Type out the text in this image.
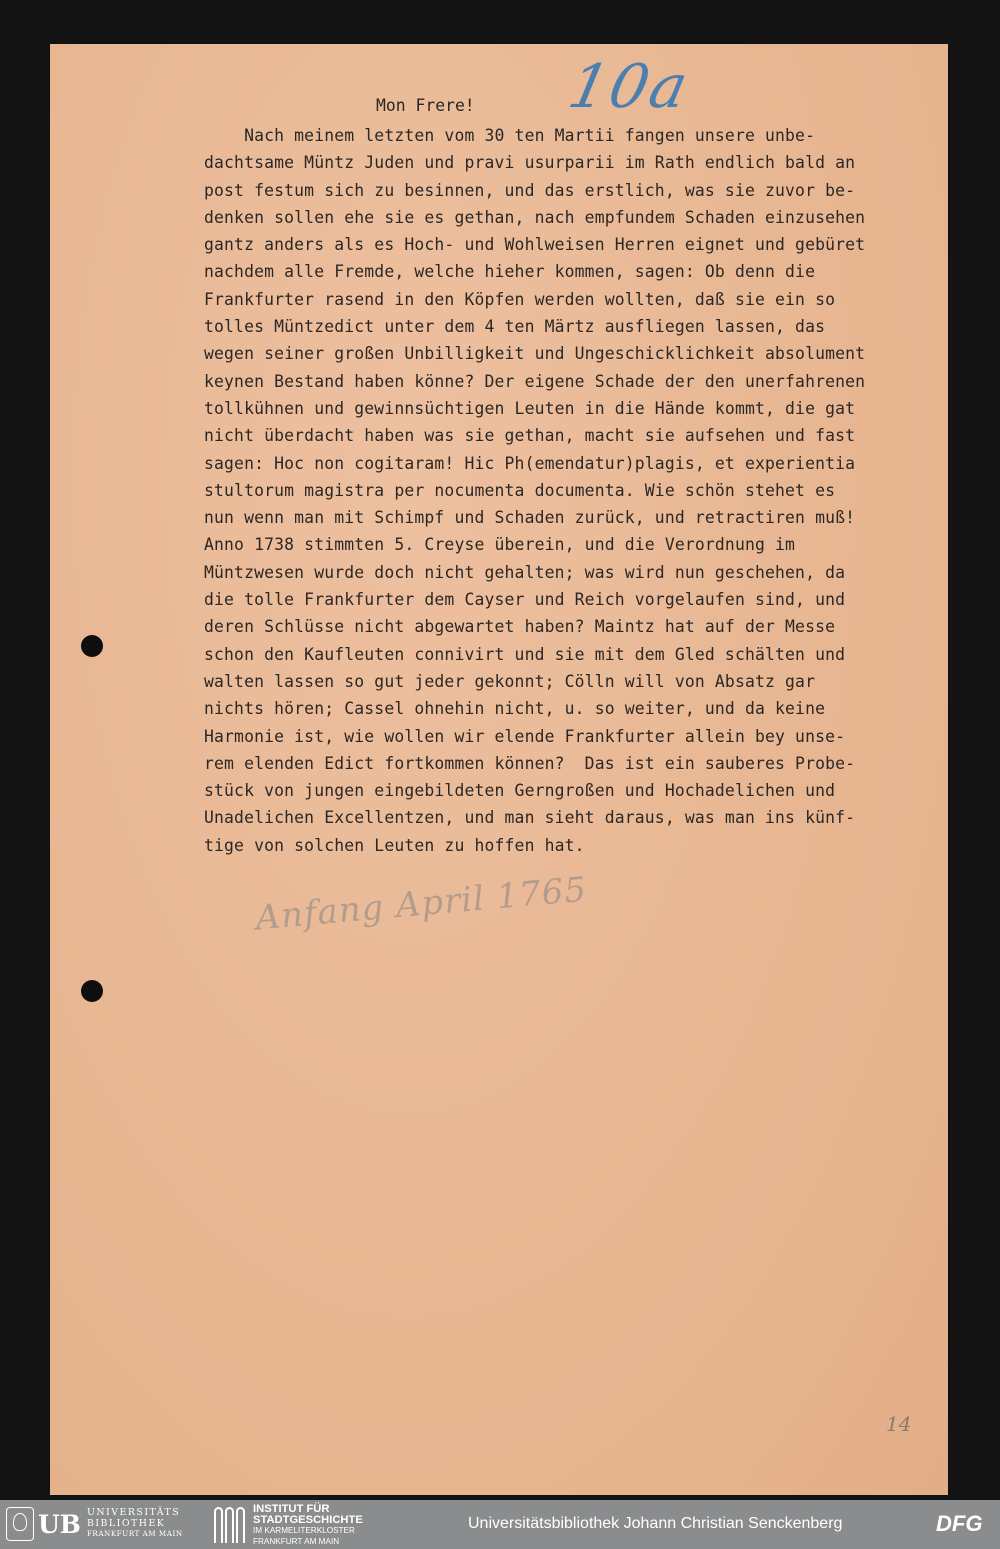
10a
Mon Frere!
Nach meinem letzten vom 30 ten Martii fangen unsere unbe-
dachtsame Müntz Juden und pravi usurparii im Rath endlich bald an
post festum sich zu besinnen, und das erstlich, was sie zuvor be-
denken sollen ehe sie es gethan, nach empfundem Schaden einzusehen
gantz anders als es Hoch- und Wohlweisen Herren eignet und gebüret
nachdem alle Fremde, welche hieher kommen, sagen: Ob denn die
Frankfurter rasend in den Köpfen werden wollten, daß sie ein so
tolles Müntzedict unter dem 4 ten Märtz ausfliegen lassen, das
wegen seiner großen Unbilligkeit und Ungeschicklichkeit absolument
keynen Bestand haben könne? Der eigene Schade der den unerfahrenen
tollkühnen und gewinnsüchtigen Leuten in die Hände kommt, die gat
nicht überdacht haben was sie gethan, macht sie aufsehen und fast
sagen: Hoc non cogitaram! Hic Ph(emendatur)plagis, et experientia
stultorum magistra per nocumenta documenta. Wie schön stehet es
nun wenn man mit Schimpf und Schaden zurück, und retractiren muß!
Anno 1738 stimmten 5. Creyse überein, und die Verordnung im
Müntzwesen wurde doch nicht gehalten; was wird nun geschehen, da
die tolle Frankfurter dem Cayser und Reich vorgelaufen sind, und
deren Schlüsse nicht abgewartet haben? Maintz hat auf der Messe
schon den Kaufleuten connivirt und sie mit dem Gled schälten und
walten lassen so gut jeder gekonnt; Cölln will von Absatz gar
nichts hören; Cassel ohnehin nicht, u. so weiter, und da keine
Harmonie ist, wie wollen wir elende Frankfurter allein bey unse-
rem elenden Edict fortkommen können?  Das ist ein sauberes Probe-
stück von jungen eingebildeten Gerngroßen und Hochadelichen und
Unadelichen Excellentzen, und man sieht daraus, was man ins künf-
tige von solchen Leuten zu hoffen hat.
Anfang April 1765
14
UB UNIVERSITÄTS
BIBLIOTHEK
FRANKFURT AM MAIN
INSTITUT FÜR
STADTGESCHICHTE
IM KARMELITERKLOSTER
FRANKFURT AM MAIN
Universitätsbibliothek Johann Christian Senckenberg	DFG
